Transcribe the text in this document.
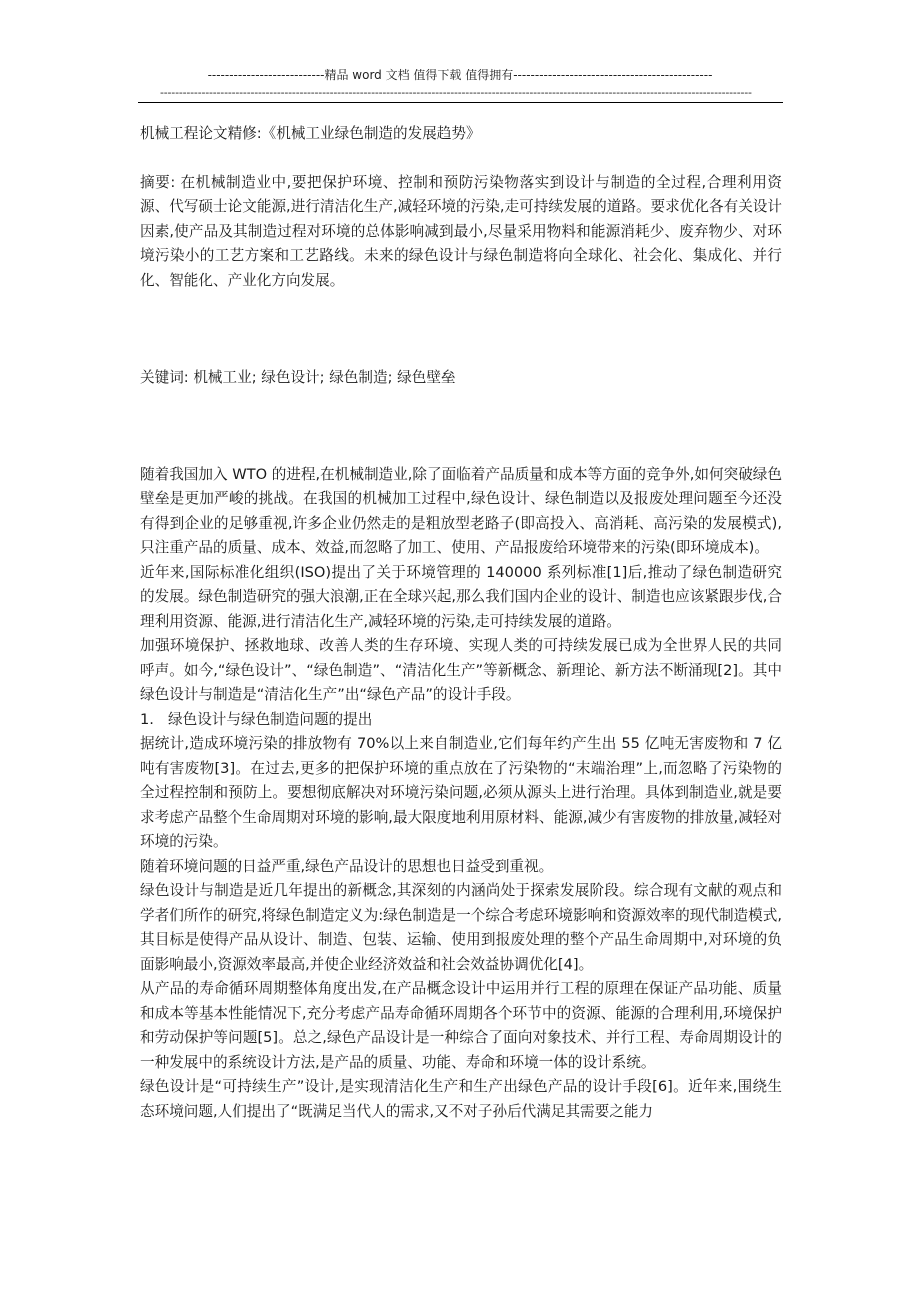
---------------------------精品 word 文档 值得下载 值得拥有----------------------------------------------
-------------------------------------------------------------------------------------------------------------------------------------------------------------

机械工程论文精修:《机械工业绿色制造的发展趋势》

摘要: 在机械制造业中,要把保护环境、控制和预防污染物落实到设计与制造的全过程,合理利用资源、代写硕士论文能源,进行清洁化生产,减轻环境的污染,走可持续发展的道路。要求优化各有关设计因素,使产品及其制造过程对环境的总体影响减到最小,尽量采用物料和能源消耗少、废弃物少、对环境污染小的工艺方案和工艺路线。未来的绿色设计与绿色制造将向全球化、社会化、集成化、并行化、智能化、产业化方向发展。

关键词: 机械工业; 绿色设计; 绿色制造; 绿色壁垒

随着我国加入 WTO 的进程,在机械制造业,除了面临着产品质量和成本等方面的竞争外,如何突破绿色壁垒是更加严峻的挑战。在我国的机械加工过程中,绿色设计、绿色制造以及报废处理问题至今还没有得到企业的足够重视,许多企业仍然走的是粗放型老路子(即高投入、高消耗、高污染的发展模式),只注重产品的质量、成本、效益,而忽略了加工、使用、产品报废给环境带来的污染(即环境成本)。

近年来,国际标准化组织(ISO)提出了关于环境管理的 140000 系列标准[1]后,推动了绿色制造研究的发展。绿色制造研究的强大浪潮,正在全球兴起,那么我们国内企业的设计、制造也应该紧跟步伐,合理利用资源、能源,进行清洁化生产,减轻环境的污染,走可持续发展的道路。

加强环境保护、拯救地球、改善人类的生存环境、实现人类的可持续发展已成为全世界人民的共同呼声。如今,“绿色设计”、“绿色制造”、“清洁化生产”等新概念、新理论、新方法不断涌现[2]。其中绿色设计与制造是“清洁化生产”出“绿色产品”的设计手段。

1. 绿色设计与绿色制造问题的提出

据统计,造成环境污染的排放物有 70%以上来自制造业,它们每年约产生出 55 亿吨无害废物和 7 亿吨有害废物[3]。在过去,更多的把保护环境的重点放在了污染物的“末端治理”上,而忽略了污染物的全过程控制和预防上。要想彻底解决对环境污染问题,必须从源头上进行治理。具体到制造业,就是要求考虑产品整个生命周期对环境的影响,最大限度地利用原材料、能源,减少有害废物的排放量,减轻对环境的污染。

随着环境问题的日益严重,绿色产品设计的思想也日益受到重视。

绿色设计与制造是近几年提出的新概念,其深刻的内涵尚处于探索发展阶段。综合现有文献的观点和学者们所作的研究,将绿色制造定义为:绿色制造是一个综合考虑环境影响和资源效率的现代制造模式,其目标是使得产品从设计、制造、包装、运输、使用到报废处理的整个产品生命周期中,对环境的负面影响最小,资源效率最高,并使企业经济效益和社会效益协调优化[4]。

从产品的寿命循环周期整体角度出发,在产品概念设计中运用并行工程的原理在保证产品功能、质量和成本等基本性能情况下,充分考虑产品寿命循环周期各个环节中的资源、能源的合理利用,环境保护和劳动保护等问题[5]。总之,绿色产品设计是一种综合了面向对象技术、并行工程、寿命周期设计的一种发展中的系统设计方法,是产品的质量、功能、寿命和环境一体的设计系统。

绿色设计是“可持续生产”设计,是实现清洁化生产和生产出绿色产品的设计手段[6]。近年来,围绕生态环境问题,人们提出了“既满足当代人的需求,又不对子孙后代满足其需要之能力
